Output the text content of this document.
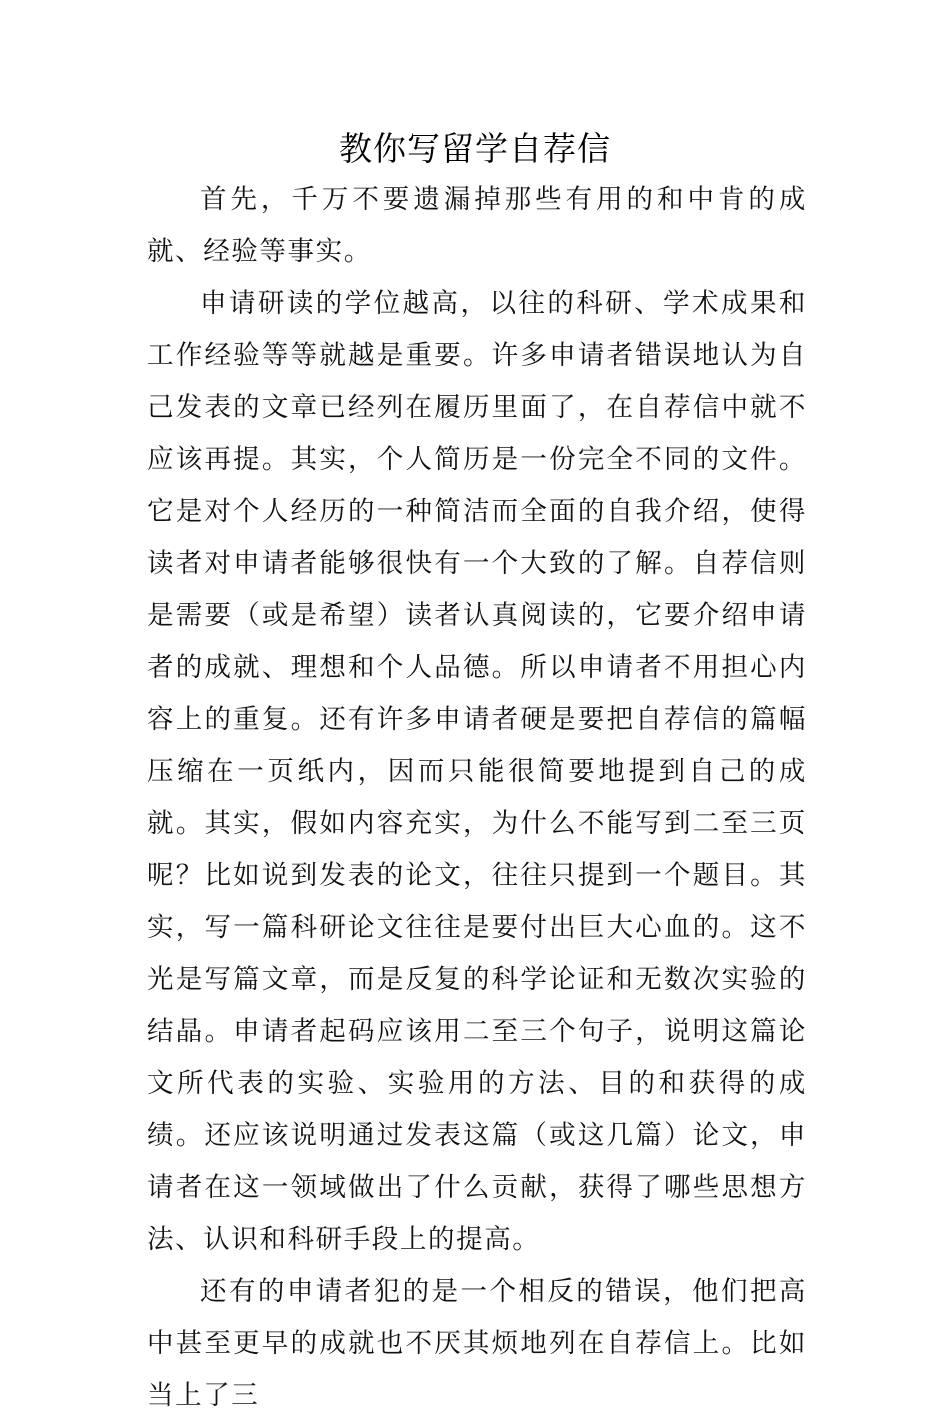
教你写留学自荐信

首先，千万不要遗漏掉那些有用的和中肯的成就、经验等事实。

申请研读的学位越高，以往的科研、学术成果和工作经验等等就越是重要。许多申请者错误地认为自己发表的文章已经列在履历里面了，在自荐信中就不应该再提。其实，个人简历是一份完全不同的文件。它是对个人经历的一种简洁而全面的自我介绍，使得读者对申请者能够很快有一个大致的了解。自荐信则是需要（或是希望）读者认真阅读的，它要介绍申请者的成就、理想和个人品德。所以申请者不用担心内容上的重复。还有许多申请者硬是要把自荐信的篇幅压缩在一页纸内，因而只能很简要地提到自己的成就。其实，假如内容充实，为什么不能写到二至三页呢？比如说到发表的论文，往往只提到一个题目。其实，写一篇科研论文往往是要付出巨大心血的。这不光是写篇文章，而是反复的科学论证和无数次实验的结晶。申请者起码应该用二至三个句子，说明这篇论文所代表的实验、实验用的方法、目的和获得的成绩。还应该说明通过发表这篇（或这几篇）论文，申请者在这一领域做出了什么贡献，获得了哪些思想方法、认识和科研手段上的提高。

还有的申请者犯的是一个相反的错误，他们把高中甚至更早的成就也不厌其烦地列在自荐信上。比如当上了三
